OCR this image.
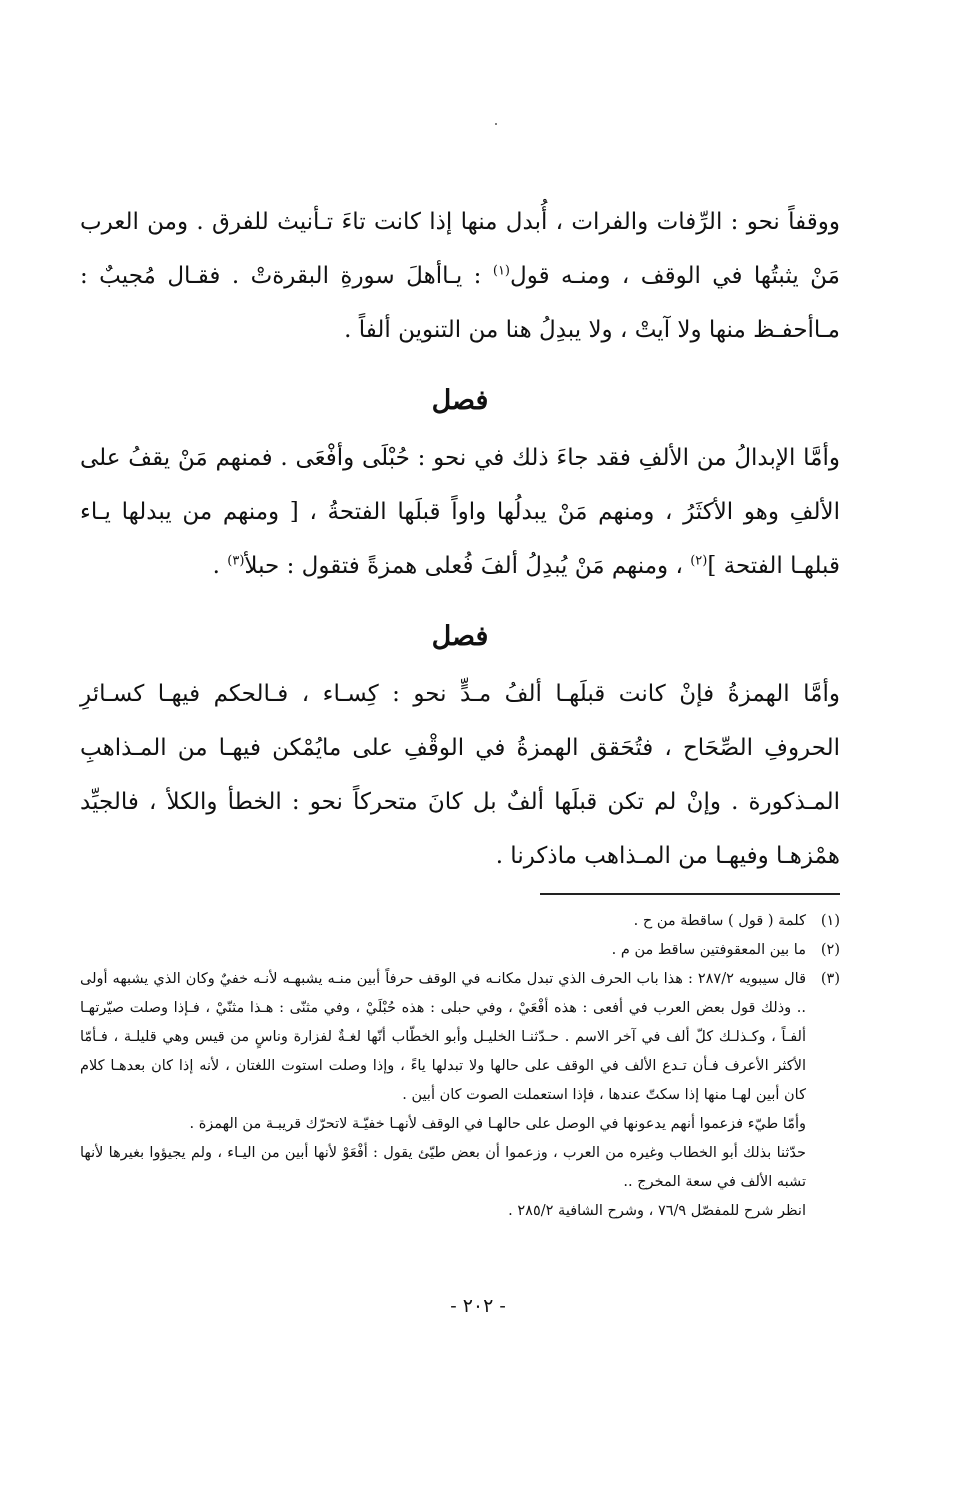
ووقفاً نحو : الرِّفات والفرات ، أُبدل منها إذا كانت تاءَ تـأنيث للفرق . ومن العرب مَنْ يثبتُها في الوقف ، ومنـه قول$^{(١)}$ : يـاأهلَ سورةِ البقرةتْ . فقـال مُجيبٌ : مـاأحفـظ منها ولا آيتْ ، ولا يبدِلُ هنا من التنوين ألفاً .

فصل

وأمَّا الإبدالُ من الألفِ فقد جاءَ ذلك في نحو : حُبْلَى وأفْعَى . فمنهم مَنْ يقفُ على الألفِ وهو الأكثَرُ ، ومنهم مَنْ يبدلُها واواً قبلَها الفتحةُ ، [ ومنهم من يبدلها يـاء قبلهـا الفتحة ]$^{(٢)}$ ، ومنهم مَنْ يُبدِلُ ألفَ فُعلى همزةً فتقول : حبلأ$^{(٣)}$ .

فصل

وأمَّا الهمزةُ فإنْ كانت قبلَهـا ألفُ مـدٍّ نحو : كِسـاء ، فـالحكم فيهـا كسـائرِ الحروفِ الصِّحَاح ، فتُحَقق الهمزةُ في الوقْفِ على مايُمْكن فيهـا من المـذاهبِ المـذكورة . وإنْ لم تكن قبلَها ألفٌ بل كانَ متحركاً نحو : الخطأ والكلأ ، فالجيِّد همْزهـا وفيهـا من المـذاهب ماذكرنا .

(١)
كلمة ( قول ) ساقطة من ح .
(٢)
ما بين المعقوفتين ساقط من م .
(٣)
قال سيبويه ٢٨٧/٢ : هذا باب الحرف الذي تبدل مكانـه في الوقف حرفاً أبين منـه يشبهـه لأنـه خفيٌ وكان الذي يشبهه أولى .. وذلك قول بعض العرب في أفعى : هذه أفْعَيْ ، وفي حبلى : هذه حُبْلَيْ ، وفي مثنّى : هـذا مثنّيْ ، فـإذا وصلت صيّرتهـا ألفـاً ، وكـذلـك كلّ ألف في آخر الاسم . حـدّثنـا الخليـل وأبو الخطّاب أنّها لغـةٌ لفزارة وناسٍ من قيس وهي قليلـة ، فـأمّا الأكثر الأعرف فـأن تـدع الألف في الوقف على حالها ولا تبدلها ياءً ، وإذا وصلت استوت اللغتان ، لأنه إذا كان بعدهـا كلام كان أبين لهـا منها إذا سكتّ عندها ، فإذا استعملت الصوت كان أبين .

وأمّا طيّء فزعموا أنهم يدعونها في الوصل على حالهـا في الوقف لأنهـا خفيّـة لاتحرّك قريبـة من الهمزة .

حدّثنا بذلك أبو الخطاب وغيره من العرب ، وزعموا أن بعض طيّئ يقول : أفْعَوْ لأنها أبين من اليـاء ، ولم يجيؤوا بغيرها لأنها تشبه الألف في سعة المخرج ..

انظر شرح للمفصّل ٧٦/٩ ، وشرح الشافية ٢٨٥/٢ .

- ٢٠٢ -
